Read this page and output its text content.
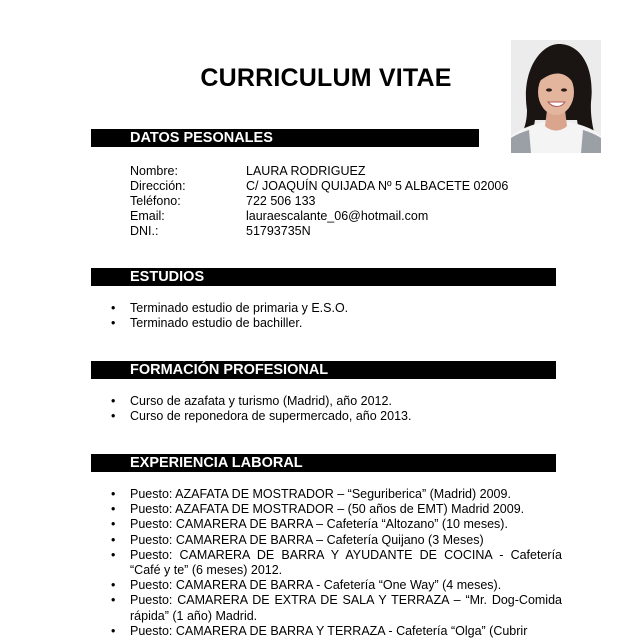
CURRICULUM VITAE
DATOS PESONALES
Nombre:	LAURA RODRIGUEZ
Dirección:	C/ JOAQUÍN QUIJADA Nº 5 ALBACETE 02006
Teléfono:	722 506 133
Email:	lauraescalante_06@hotmail.com
DNI.:	51793735N
ESTUDIOS
• Terminado estudio de primaria y E.S.O.
• Terminado estudio de bachiller.
FORMACIÓN PROFESIONAL
• Curso de azafata y turismo (Madrid), año 2012.
• Curso de reponedora de supermercado, año 2013.
EXPERIENCIA LABORAL
• Puesto: AZAFATA DE MOSTRADOR – “Seguriberica” (Madrid) 2009.
• Puesto: AZAFATA DE MOSTRADOR – (50 años de EMT) Madrid 2009.
• Puesto: CAMARERA DE BARRA – Cafetería “Altozano” (10 meses).
• Puesto: CAMARERA DE BARRA – Cafetería Quijano (3 Meses)
• Puesto: CAMARERA DE BARRA Y AYUDANTE DE COCINA - Cafetería “Café y te” (6 meses) 2012.
• Puesto: CAMARERA DE BARRA - Cafetería “One Way” (4 meses).
• Puesto: CAMARERA DE EXTRA DE SALA Y TERRAZA – “Mr. Dog-Comida rápida” (1 año) Madrid.
• Puesto: CAMARERA DE BARRA Y TERRAZA - Cafetería “Olga” (Cubrir
